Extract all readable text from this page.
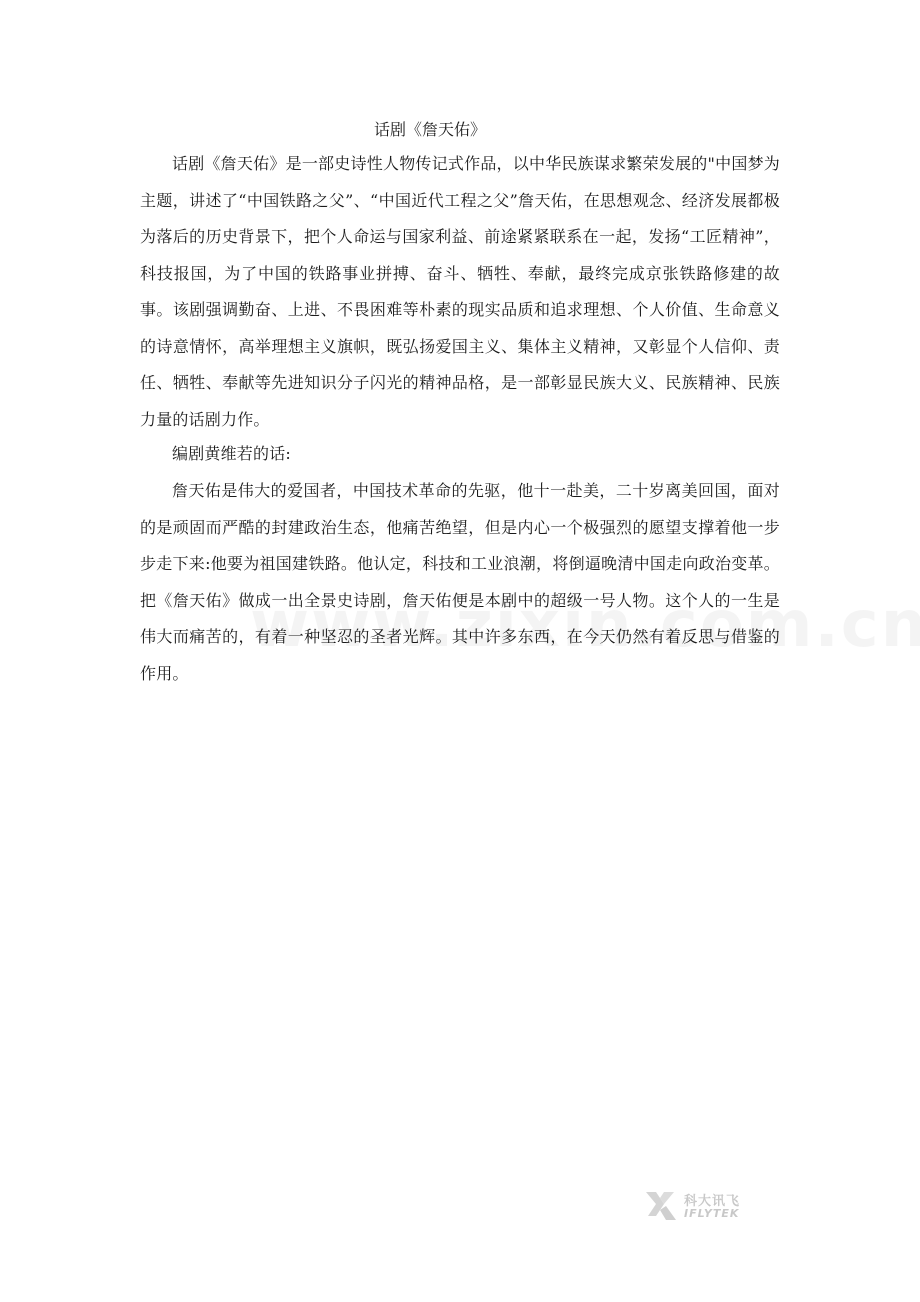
话剧《詹天佑》

话剧《詹天佑》是一部史诗性人物传记式作品，以中华民族谋求繁荣发展的"中国梦为主题，讲述了“中国铁路之父”、“中国近代工程之父”詹天佑，在思想观念、经济发展都极为落后的历史背景下，把个人命运与国家利益、前途紧紧联系在一起，发扬“工匠精神”，科技报国，为了中国的铁路事业拼搏、奋斗、牺牲、奉献，最终完成京张铁路修建的故事。该剧强调勤奋、上进、不畏困难等朴素的现实品质和追求理想、个人价值、生命意义的诗意情怀，高举理想主义旗帜，既弘扬爱国主义、集体主义精神，又彰显个人信仰、责任、牺牲、奉献等先进知识分子闪光的精神品格，是一部彰显民族大义、民族精神、民族力量的话剧力作。

编剧黄维若的话:

詹天佑是伟大的爱国者，中国技术革命的先驱，他十一赴美，二十岁离美回国，面对的是顽固而严酷的封建政治生态，他痛苦绝望，但是内心一个极强烈的愿望支撑着他一步步走下来:他要为祖国建铁路。他认定，科技和工业浪潮，将倒逼晚清中国走向政治变革。把《詹天佑》做成一出全景史诗剧，詹天佑便是本剧中的超级一号人物。这个人的一生是伟大而痛苦的，有着一种坚忍的圣者光辉。其中许多东西，在今天仍然有着反思与借鉴的作用。

科大讯飞
IFLYTEK
